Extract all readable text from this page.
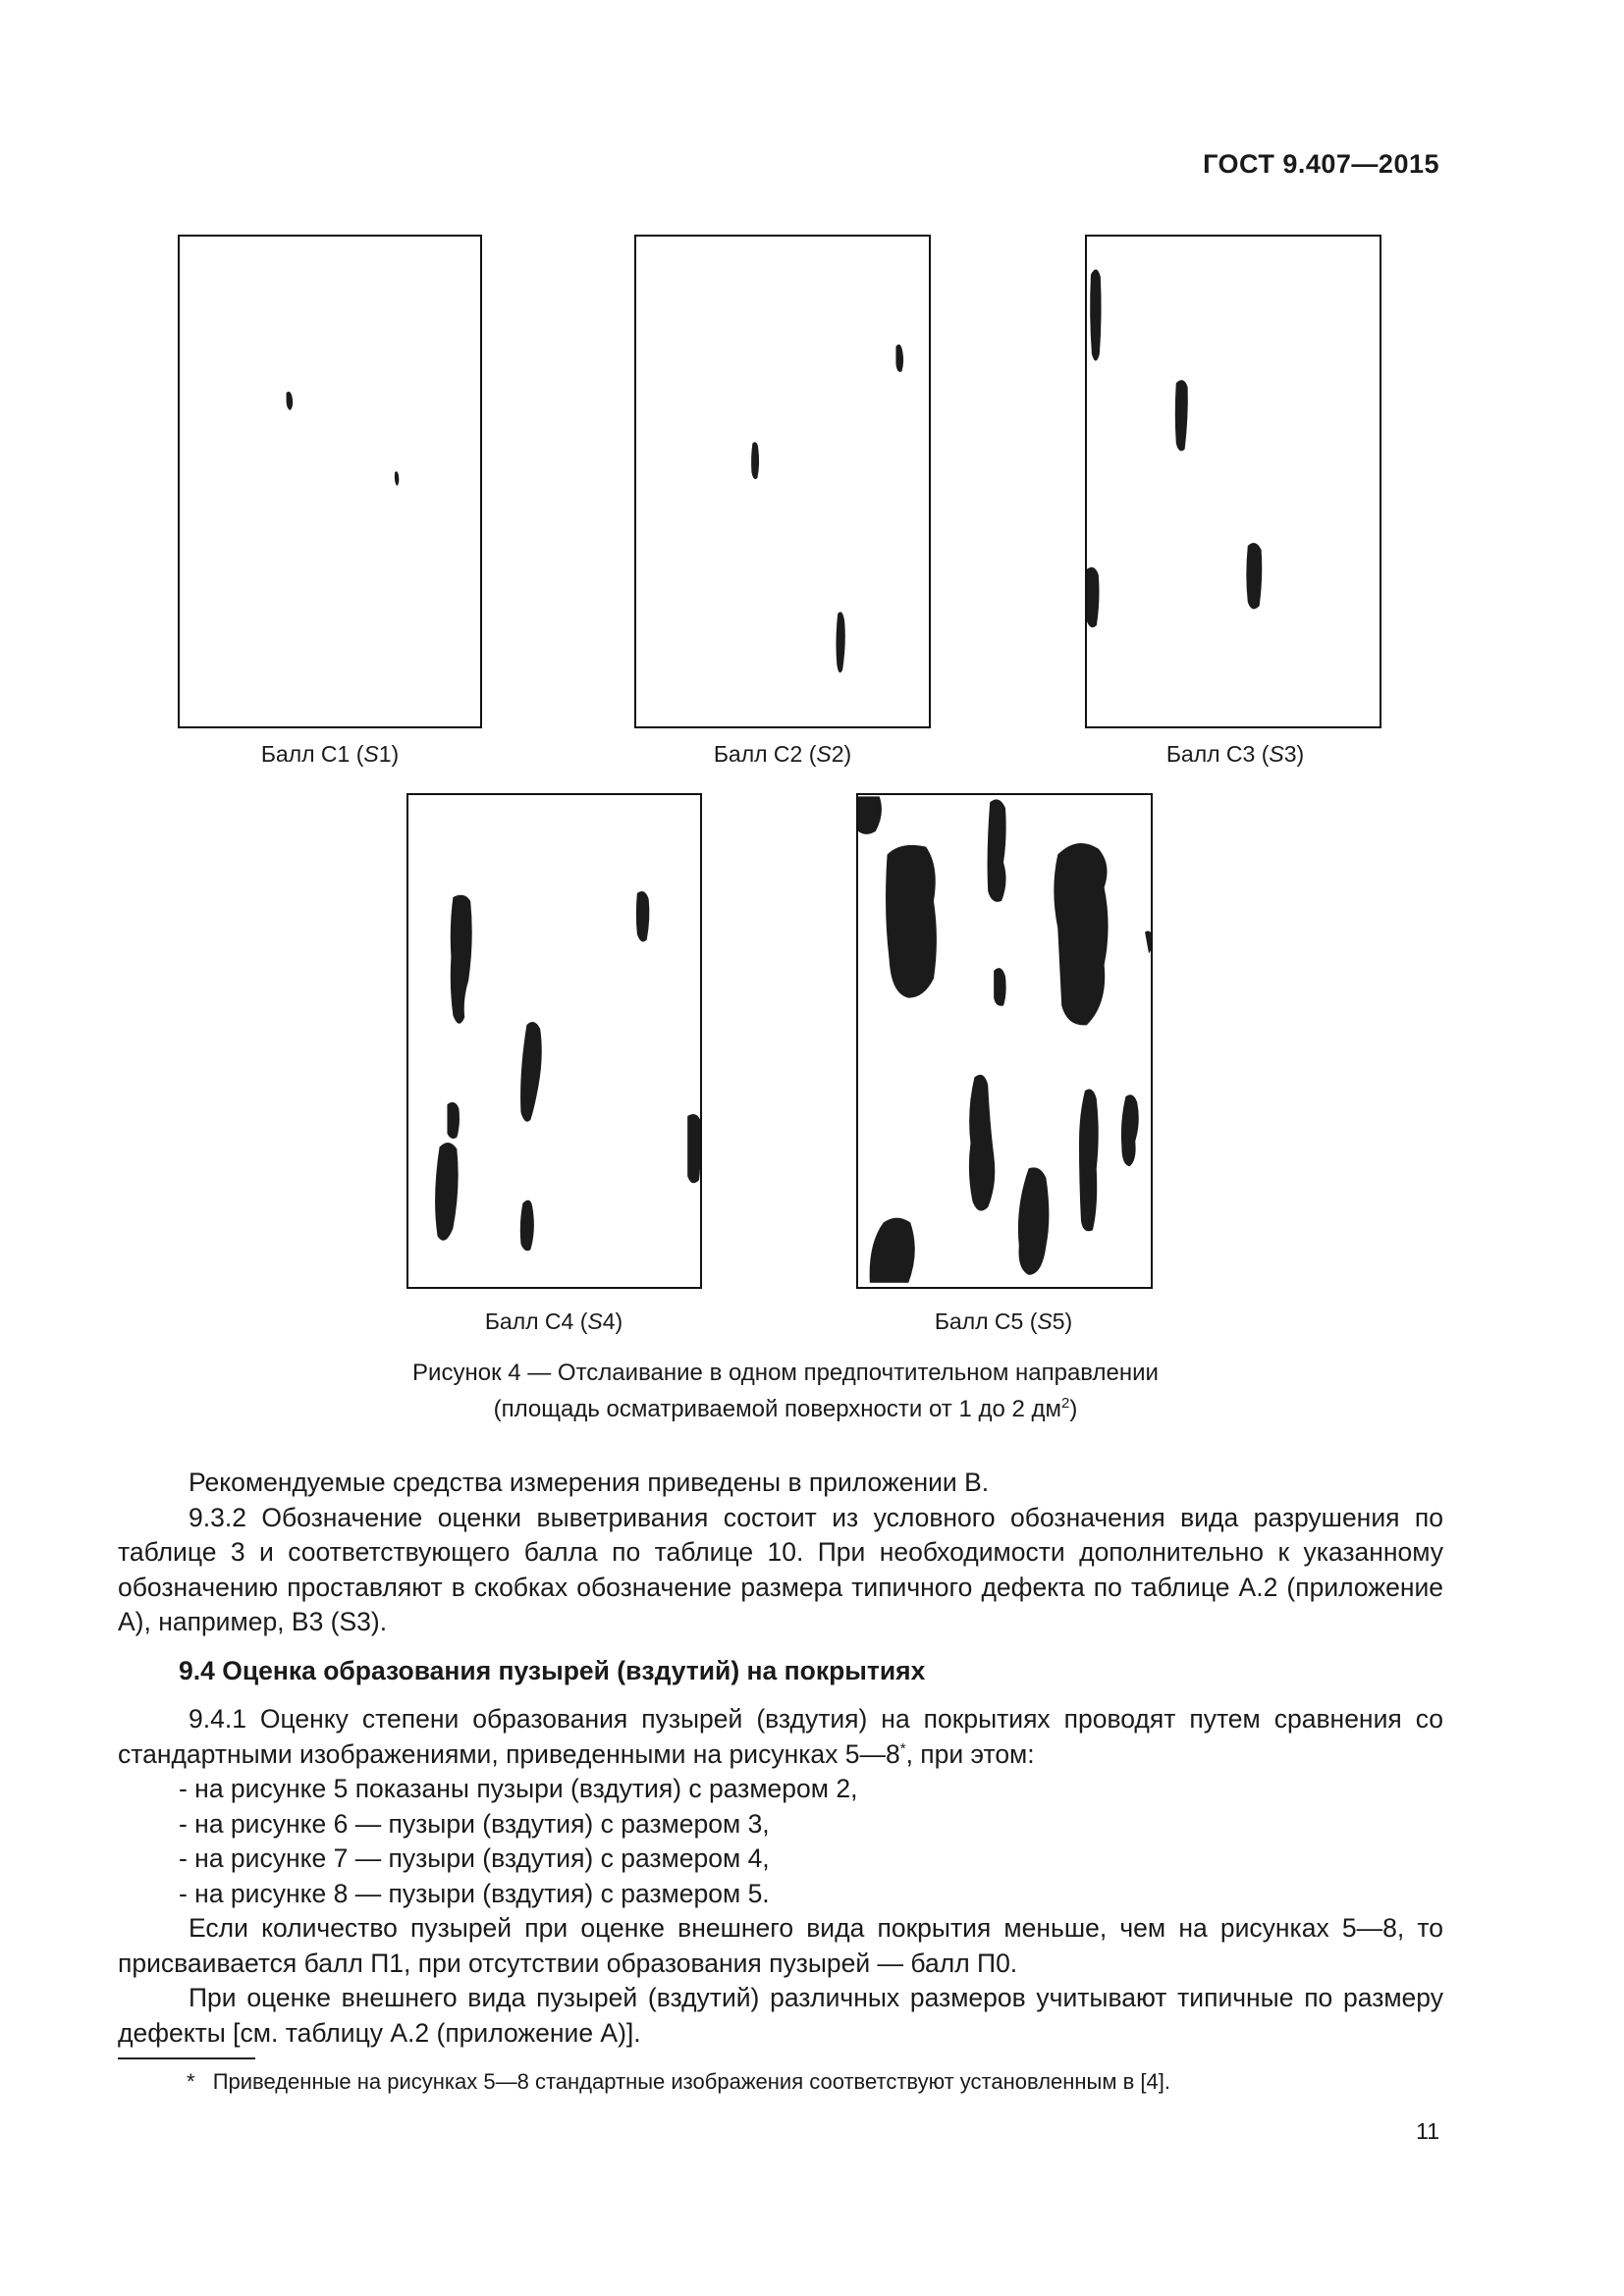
ГОСТ 9.407—2015
Балл С1 (S1)	Балл С2 (S2)	Балл С3 (S3)
Балл С4 (S4)	Балл С5 (S5)
Рисунок 4 — Отслаивание в одном предпочтительном направлении
(площадь осматриваемой поверхности от 1 до 2 $дм^2$)

Рекомендуемые средства измерения приведены в приложении В.

9.3.2 Обозначение оценки выветривания состоит из условного обозначения вида разрушения по таблице 3 и соответствующего балла по таблице 10. При необходимости дополнительно к указанному обозначению проставляют в скобках обозначение размера типичного дефекта по таблице А.2 (приложение А), например, В3 (S3).

9.4 Оценка образования пузырей (вздутий) на покрытиях

9.4.1 Оценку степени образования пузырей (вздутия) на покрытиях проводят путем сравнения со стандартными изображениями, приведенными на рисунках 5—8*, при этом:

- на рисунке 5 показаны пузыри (вздутия) с размером 2,

- на рисунке 6 — пузыри (вздутия) с размером 3,

- на рисунке 7 — пузыри (вздутия) с размером 4,

- на рисунке 8 — пузыри (вздутия) с размером 5.

Если количество пузырей при оценке внешнего вида покрытия меньше, чем на рисунках 5—8, то присваивается балл П1, при отсутствии образования пузырей — балл П0.

При оценке внешнего вида пузырей (вздутий) различных размеров учитывают типичные по размеру дефекты [см. таблицу А.2 (приложение А)].

* Приведенные на рисунках 5—8 стандартные изображения соответствуют установленным в [4].
11
